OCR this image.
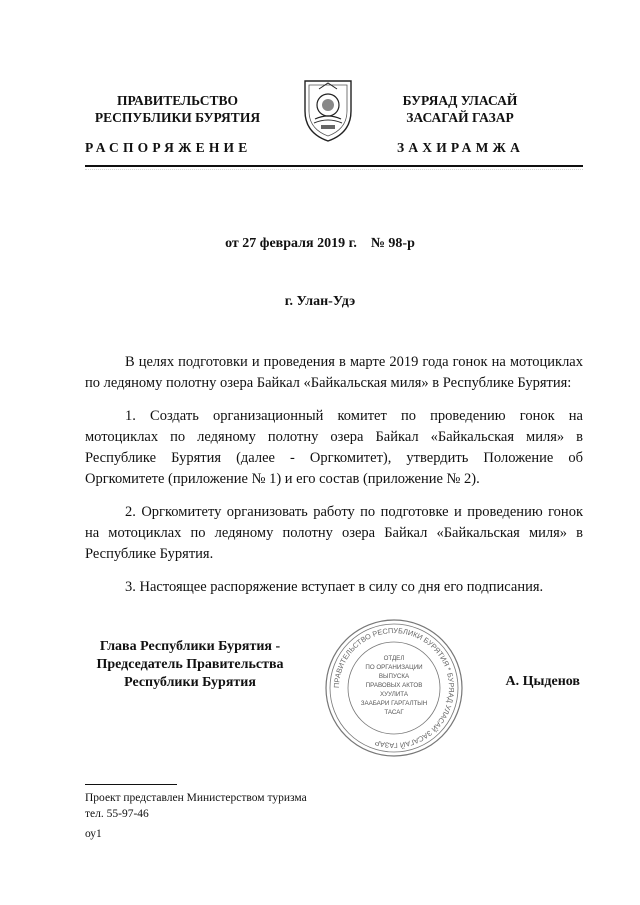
ПРАВИТЕЛЬСТВО
РЕСПУБЛИКИ БУРЯТИЯ
РАСПОРЯЖЕНИЕ
БУРЯАД УЛАСАЙ
ЗАСАГАЙ ГАЗАР
ЗАХИРАМЖА
от 27 февраля 2019 г.    № 98-р
г. Улан-Удэ

В целях подготовки и проведения в марте 2019 года гонок на мотоциклах по ледяному полотну озера Байкал «Байкальская миля» в Республике Бурятия:

1. Создать организационный комитет по проведению гонок на мотоциклах по ледяному полотну озера Байкал «Байкальская миля» в Республике Бурятия (далее - Оргкомитет), утвердить Положение об Оргкомитете (приложение № 1) и его состав (приложение № 2).

2. Оргкомитету организовать работу по подготовке и проведению гонок на мотоциклах по ледяному полотну озера Байкал «Байкальская миля» в Республике Бурятия.

3. Настоящее распоряжение вступает в силу со дня его подписания.

Глава Республики Бурятия -
Председатель Правительства
Республики Бурятия	ПРАВИТЕЛЬСТВО РЕСПУБЛИКИ БУРЯТИЯ * БУРЯАД УЛАСАЙ ЗАСАГАЙ ГАЗАР
ОТДЕЛ
ПО ОРГАНИЗАЦИИ
ВЫПУСКА
ПРАВОВЫХ АКТОВ
ХУУЛИТА
ЗААБАРИ ГАРГАЛТЫН
ТАСАГ
А. Цыденов
Проект представлен Министерством туризма
тел. 55-97-46
оу1
